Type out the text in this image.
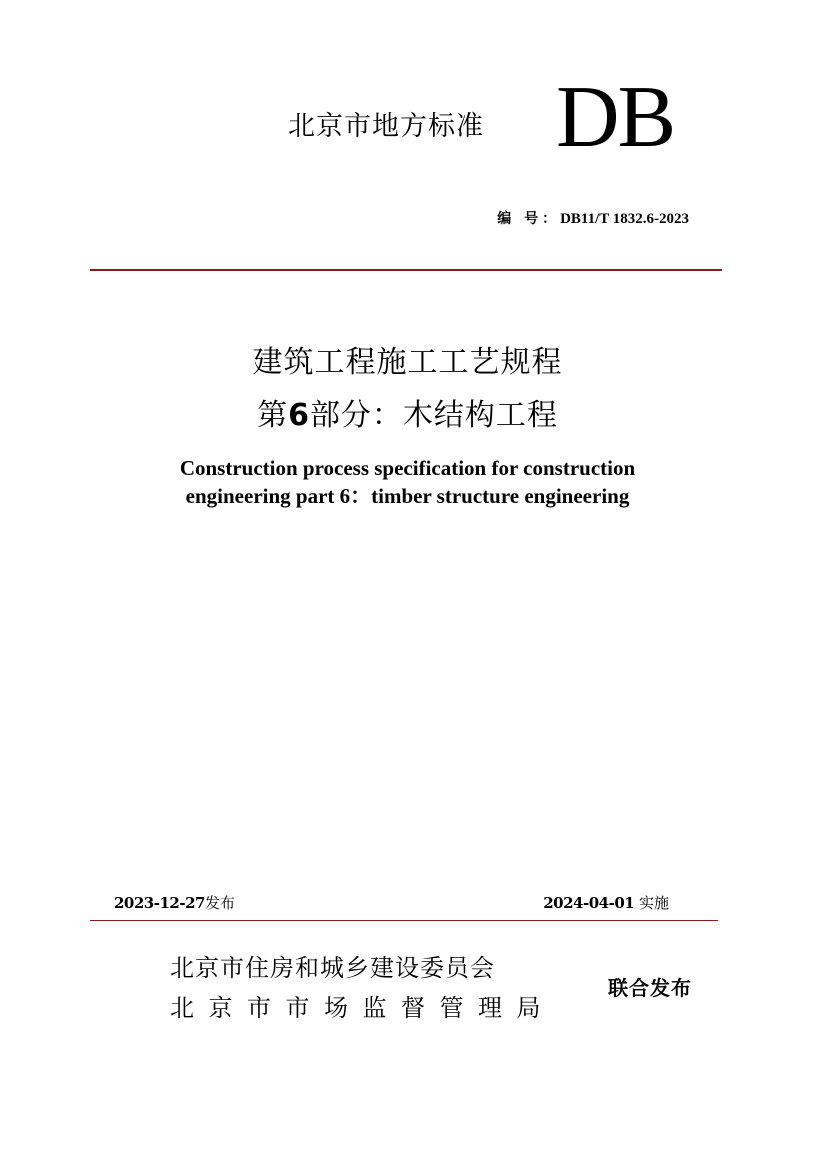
北京市地方标准 DB
编 号：DB11/T 1832.6-2023
建筑工程施工工艺规程
第6部分：木结构工程
Construction process specification for construction
engineering part 6：timber structure engineering
2023-12-27发布	2024-04-01 实施
北京市住房和城乡建设委员会
北京市市场监督管理局
联合发布
